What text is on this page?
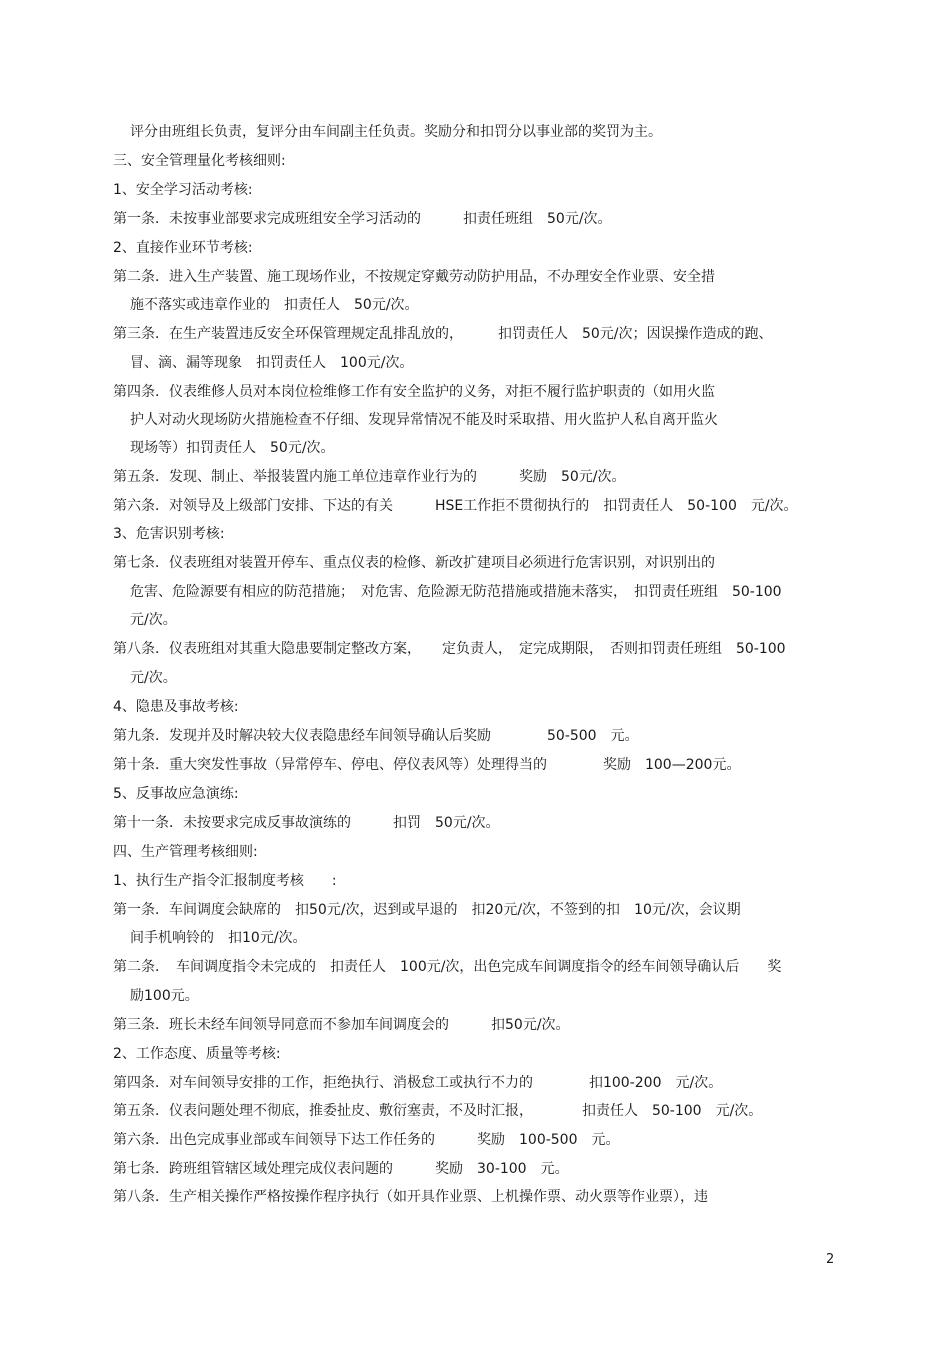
评分由班组长负责，复评分由车间副主任负责。奖励分和扣罚分以事业部的奖罚为主。
三、安全管理量化考核细则:
1、安全学习活动考核:
第一条．未按事业部要求完成班组安全学习活动的　　　扣责任班组　50元/次。
2、直接作业环节考核:
第二条．进入生产装置、施工现场作业，不按规定穿戴劳动防护用品，不办理安全作业票、安全措
施不落实或违章作业的　扣责任人　50元/次。
第三条．在生产装置违反安全环保管理规定乱排乱放的，　　　扣罚责任人　50元/次；因误操作造成的跑、
冒、滴、漏等现象　扣罚责任人　100元/次。
第四条．仪表维修人员对本岗位检维修工作有安全监护的义务，对拒不履行监护职责的（如用火监
护人对动火现场防火措施检查不仔细、发现异常情况不能及时采取措、用火监护人私自离开监火
现场等）扣罚责任人　50元/次。
第五条．发现、制止、举报装置内施工单位违章作业行为的　　　奖励　50元/次。
第六条．对领导及上级部门安排、下达的有关　　　HSE工作拒不贯彻执行的　扣罚责任人　50-100　元/次。
3、危害识别考核:
第七条．仪表班组对装置开停车、重点仪表的检修、新改扩建项目必须进行危害识别，对识别出的
危害、危险源要有相应的防范措施；　对危害、危险源无防范措施或措施未落实，　扣罚责任班组　50-100
元/次。
第八条．仪表班组对其重大隐患要制定整改方案，　　定负责人，　定完成期限，　否则扣罚责任班组　50-100
元/次。
4、隐患及事故考核:
第九条．发现并及时解决较大仪表隐患经车间领导确认后奖励　　　　50-500　元。
第十条．重大突发性事故（异常停车、停电、停仪表风等）处理得当的　　　　奖励　100—200元。
5、反事故应急演练:
第十一条．未按要求完成反事故演练的　　　扣罚　50元/次。
四、生产管理考核细则:
1、执行生产指令汇报制度考核　　:
第一条．车间调度会缺席的　扣50元/次，迟到或早退的　扣20元/次，不签到的扣　10元/次，会议期
间手机响铃的　扣10元/次。
第二条．　车间调度指令未完成的　扣责任人　100元/次，出色完成车间调度指令的经车间领导确认后　　奖
励100元。
第三条．班长未经车间领导同意而不参加车间调度会的　　　扣50元/次。
2、工作态度、质量等考核:
第四条．对车间领导安排的工作，拒绝执行、消极怠工或执行不力的　　　　扣100-200　元/次。
第五条．仪表问题处理不彻底，推委扯皮、敷衍塞责，不及时汇报，　　　　扣责任人　50-100　元/次。
第六条．出色完成事业部或车间领导下达工作任务的　　　奖励　100-500　元。
第七条．跨班组管辖区域处理完成仪表问题的　　　奖励　30-100　元。
第八条．生产相关操作严格按操作程序执行（如开具作业票、上机操作票、动火票等作业票），违
2
